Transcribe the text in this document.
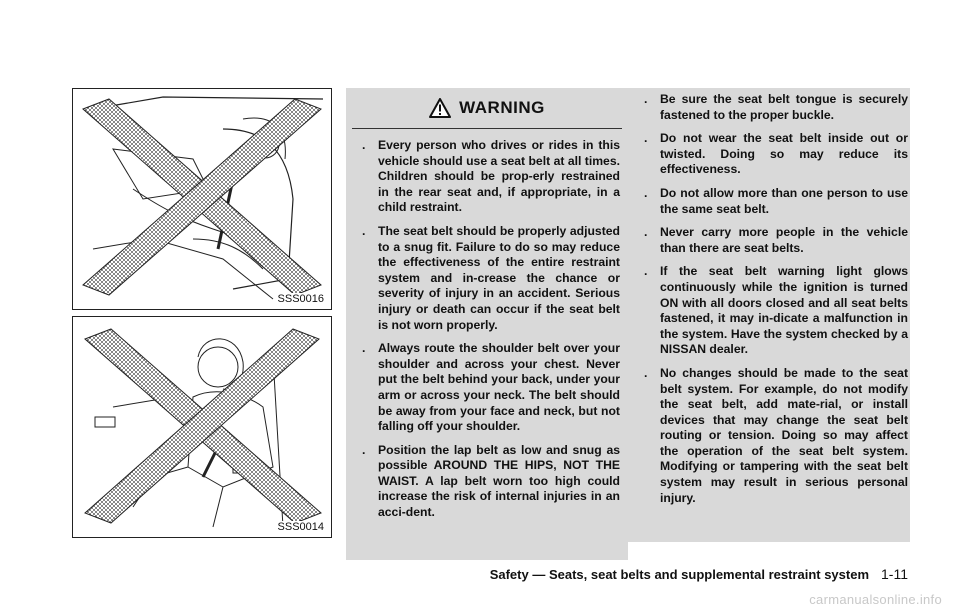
SSS0016
SSS0014
WARNING
. Every person who drives or rides in this vehicle should use a seat belt at all times. Children should be prop-erly restrained in the rear seat and, if appropriate, in a child restraint.
. The seat belt should be properly adjusted to a snug fit. Failure to do so may reduce the effectiveness of the entire restraint system and in-crease the chance or severity of injury in an accident. Serious injury or death can occur if the seat belt is not worn properly.
. Always route the shoulder belt over your shoulder and across your chest. Never put the belt behind your back, under your arm or across your neck. The belt should be away from your face and neck, but not falling off your shoulder.
. Position the lap belt as low and snug as possible AROUND THE HIPS, NOT THE WAIST. A lap belt worn too high could increase the risk of internal injuries in an acci-dent.
. Be sure the seat belt tongue is securely fastened to the proper buckle.
. Do not wear the seat belt inside out or twisted. Doing so may reduce its effectiveness.
. Do not allow more than one person to use the same seat belt.
. Never carry more people in the vehicle than there are seat belts.
. If the seat belt warning light glows continuously while the ignition is turned ON with all doors closed and all seat belts fastened, it may in-dicate a malfunction in the system. Have the system checked by a NISSAN dealer.
. No changes should be made to the seat belt system. For example, do not modify the seat belt, add mate-rial, or install devices that may change the seat belt routing or tension. Doing so may affect the operation of the seat belt system. Modifying or tampering with the seat belt system may result in serious personal injury.
Safety — Seats, seat belts and supplemental restraint system 1-11
carmanualsonline.info
